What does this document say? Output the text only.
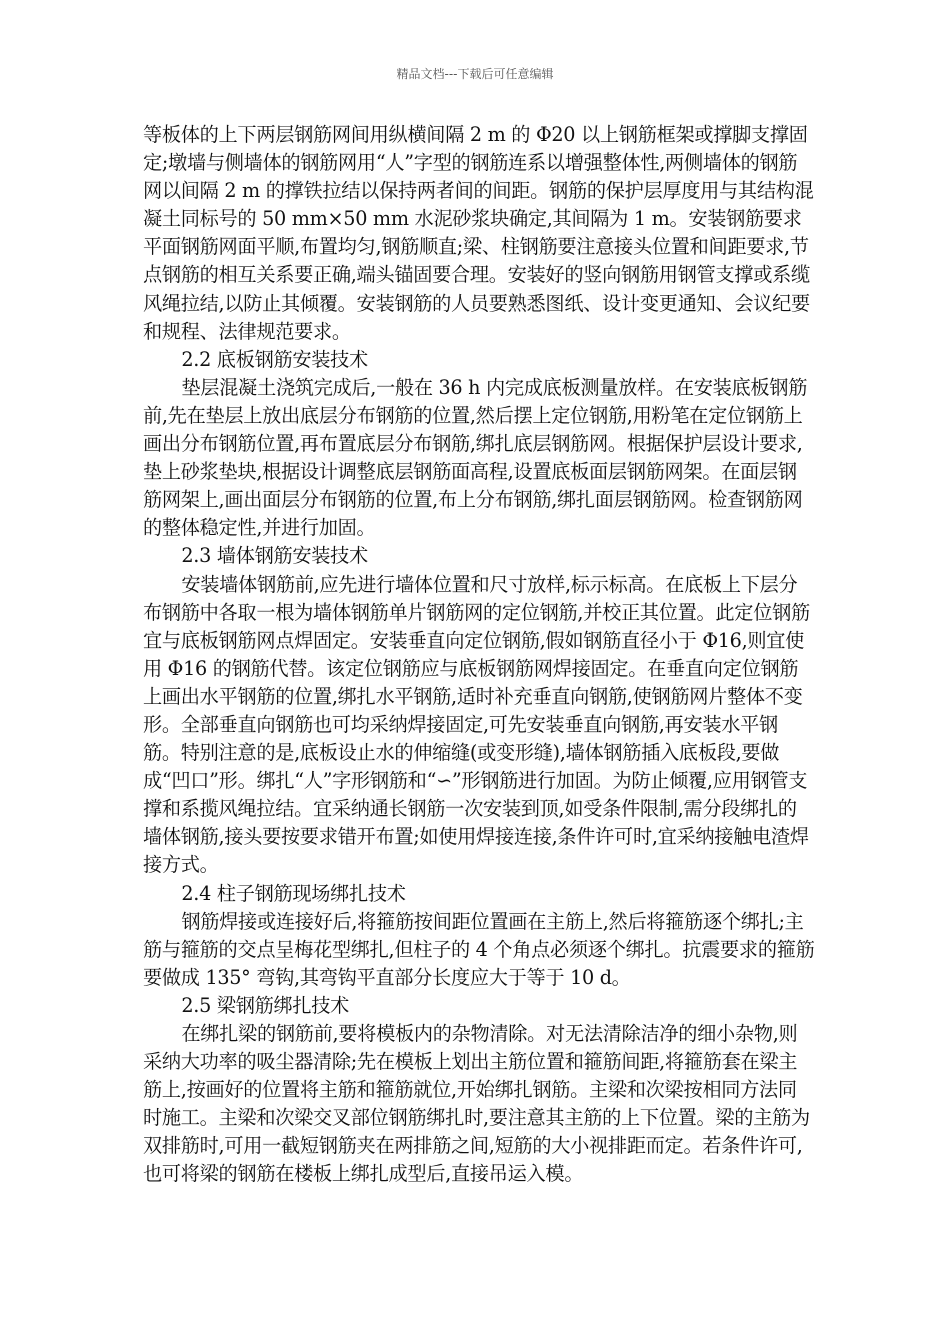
精品文档---下载后可任意编辑

等板体的上下两层钢筋网间用纵横间隔 2 m 的 Φ20 以上钢筋框架或撑脚支撑固定;墩墙与侧墙体的钢筋网用“人”字型的钢筋连系以增强整体性,两侧墙体的钢筋网以间隔 2 m 的撑铁拉结以保持两者间的间距。钢筋的保护层厚度用与其结构混凝土同标号的 50 mm×50 mm 水泥砂浆块确定,其间隔为 1 m。安装钢筋要求平面钢筋网面平顺,布置均匀,钢筋顺直;梁、柱钢筋要注意接头位置和间距要求,节点钢筋的相互关系要正确,端头锚固要合理。安装好的竖向钢筋用钢管支撑或系缆风绳拉结,以防止其倾覆。安装钢筋的人员要熟悉图纸、设计变更通知、会议纪要和规程、法律规范要求。

2.2 底板钢筋安装技术

垫层混凝土浇筑完成后,一般在 36 h 内完成底板测量放样。在安装底板钢筋前,先在垫层上放出底层分布钢筋的位置,然后摆上定位钢筋,用粉笔在定位钢筋上画出分布钢筋位置,再布置底层分布钢筋,绑扎底层钢筋网。根据保护层设计要求,垫上砂浆垫块,根据设计调整底层钢筋面高程,设置底板面层钢筋网架。在面层钢筋网架上,画出面层分布钢筋的位置,布上分布钢筋,绑扎面层钢筋网。检查钢筋网的整体稳定性,并进行加固。

2.3 墙体钢筋安装技术

安装墙体钢筋前,应先进行墙体位置和尺寸放样,标示标高。在底板上下层分布钢筋中各取一根为墙体钢筋单片钢筋网的定位钢筋,并校正其位置。此定位钢筋宜与底板钢筋网点焊固定。安装垂直向定位钢筋,假如钢筋直径小于 Φ16,则宜使用 Φ16 的钢筋代替。该定位钢筋应与底板钢筋网焊接固定。在垂直向定位钢筋上画出水平钢筋的位置,绑扎水平钢筋,适时补充垂直向钢筋,使钢筋网片整体不变形。全部垂直向钢筋也可均采纳焊接固定,可先安装垂直向钢筋,再安装水平钢筋。特别注意的是,底板设止水的伸缩缝(或变形缝),墙体钢筋插入底板段,要做成“凹口”形。绑扎“人”字形钢筋和“∽”形钢筋进行加固。为防止倾覆,应用钢管支撑和系揽风绳拉结。宜采纳通长钢筋一次安装到顶,如受条件限制,需分段绑扎的墙体钢筋,接头要按要求错开布置;如使用焊接连接,条件许可时,宜采纳接触电渣焊接方式。

2.4 柱子钢筋现场绑扎技术

钢筋焊接或连接好后,将箍筋按间距位置画在主筋上,然后将箍筋逐个绑扎;主筋与箍筋的交点呈梅花型绑扎,但柱子的 4 个角点必须逐个绑扎。抗震要求的箍筋要做成 135° 弯钩,其弯钩平直部分长度应大于等于 10 d。

2.5 梁钢筋绑扎技术

在绑扎梁的钢筋前,要将模板内的杂物清除。对无法清除洁净的细小杂物,则采纳大功率的吸尘器清除;先在模板上划出主筋位置和箍筋间距,将箍筋套在梁主筋上,按画好的位置将主筋和箍筋就位,开始绑扎钢筋。主梁和次梁按相同方法同时施工。主梁和次梁交叉部位钢筋绑扎时,要注意其主筋的上下位置。梁的主筋为双排筋时,可用一截短钢筋夹在两排筋之间,短筋的大小视排距而定。若条件许可,也可将梁的钢筋在楼板上绑扎成型后,直接吊运入模。
